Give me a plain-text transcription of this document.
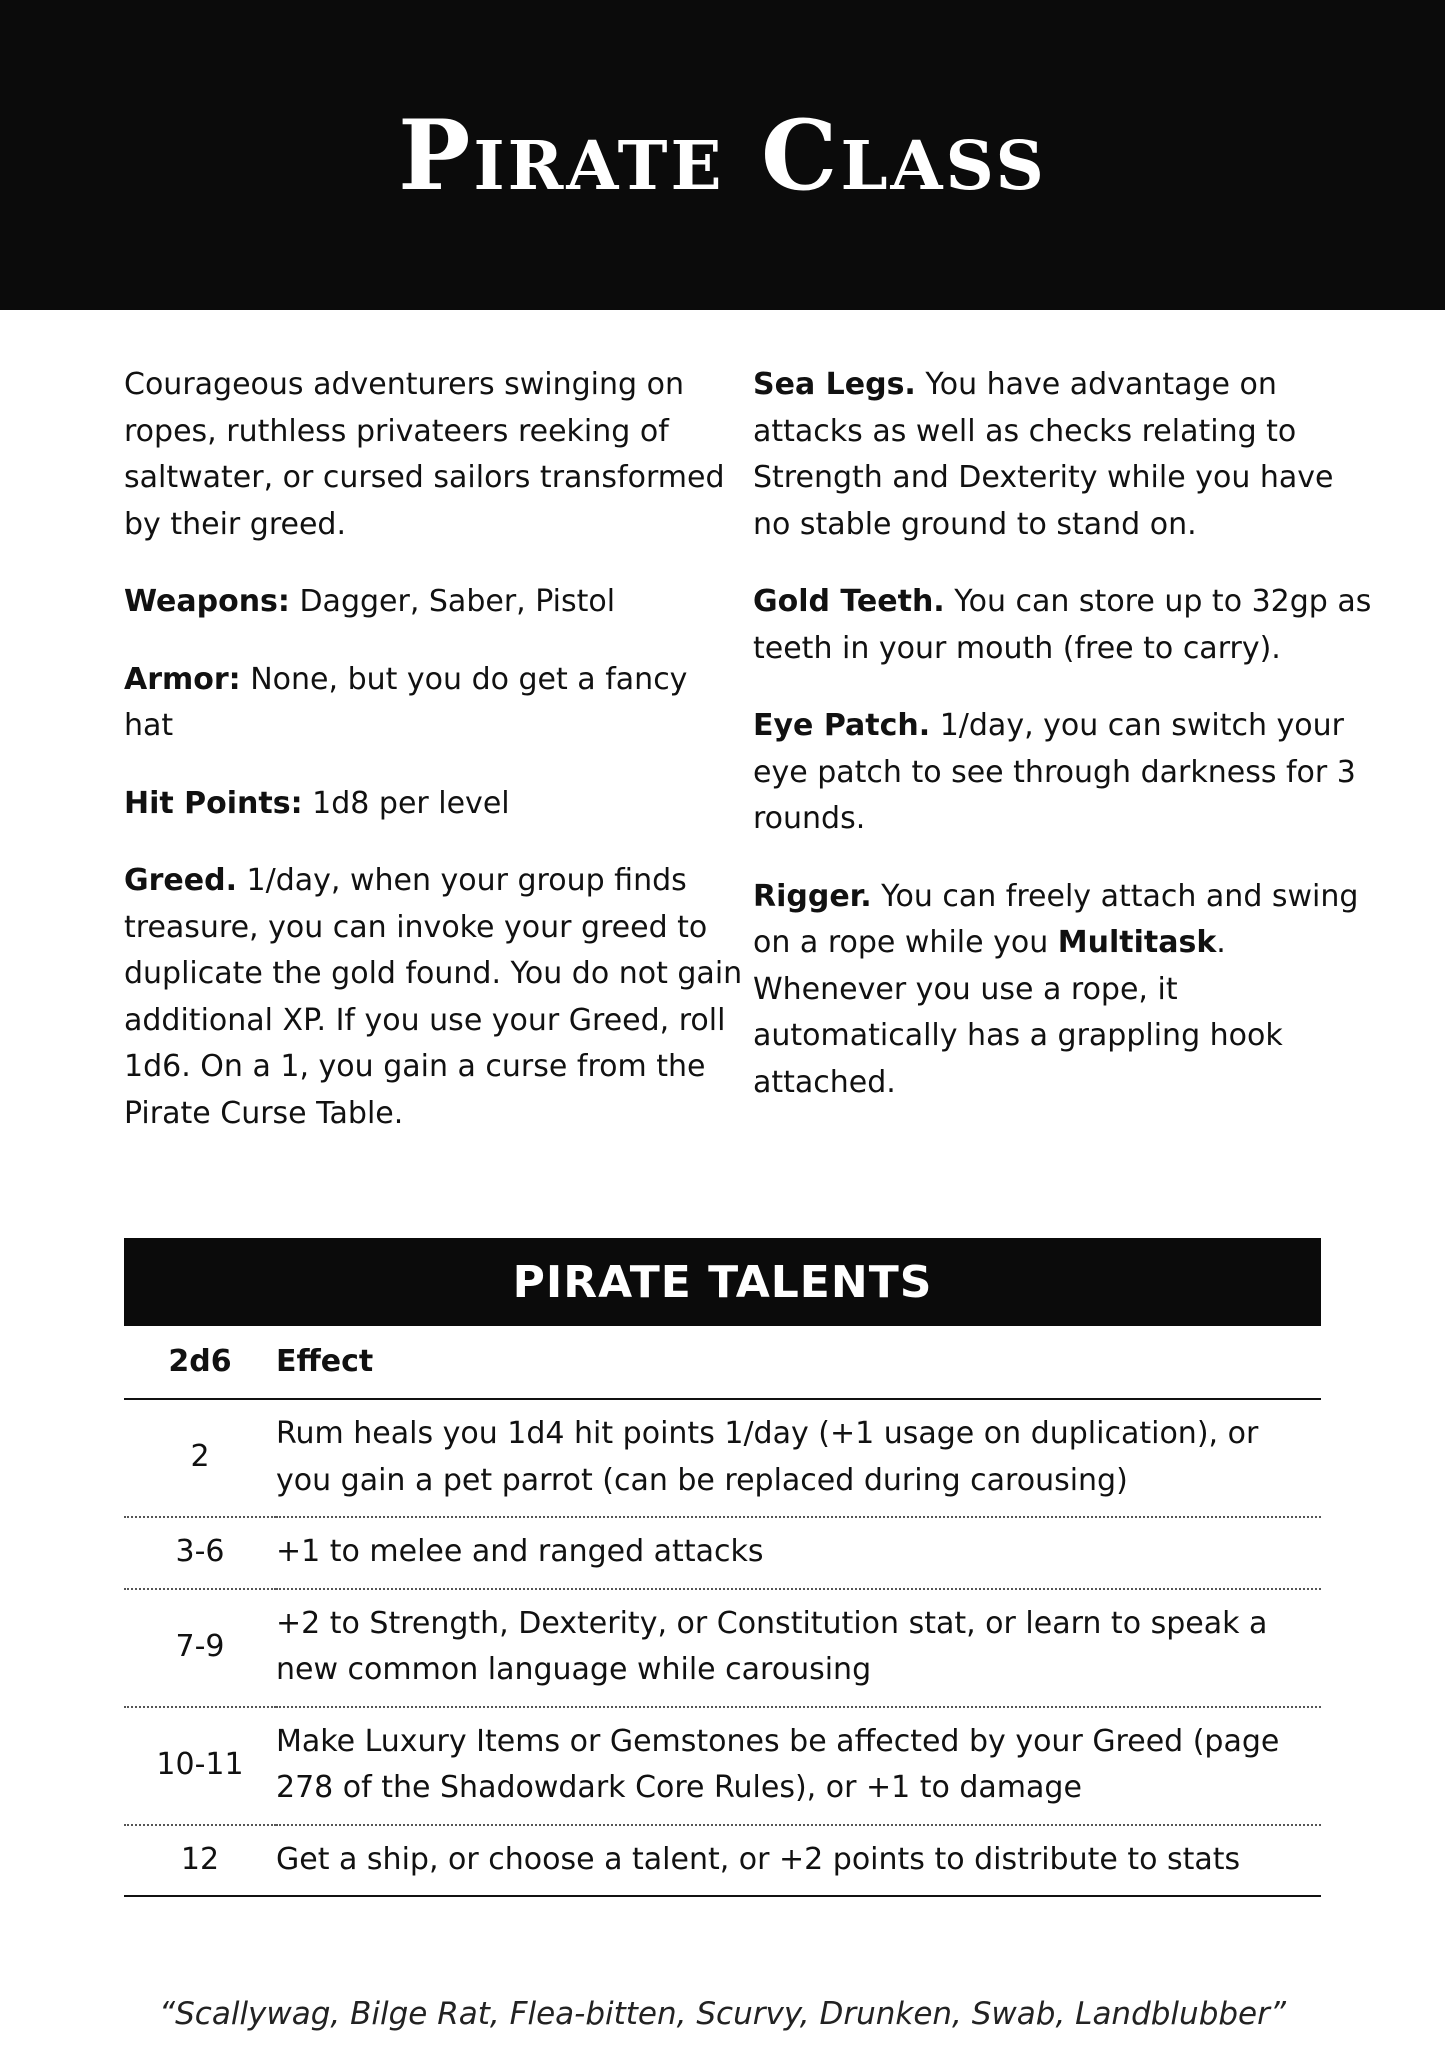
Pirate Class

Courageous adventurers swinging on ropes, ruthless privateers reeking of saltwater, or cursed sailors transformed by their greed.

Weapons: Dagger, Saber, Pistol

Armor: None, but you do get a fancy hat

Hit Points: 1d8 per level

Greed. 1/day, when your group finds treasure, you can invoke your greed to duplicate the gold found. You do not gain additional XP. If you use your Greed, roll 1d6. On a 1, you gain a curse from the Pirate Curse Table.

Sea Legs. You have advantage on attacks as well as checks relating to Strength and Dexterity while you have no stable ground to stand on.

Gold Teeth. You can store up to 32gp as teeth in your mouth (free to carry).

Eye Patch. 1/day, you can switch your eye patch to see through darkness for 3 rounds.

Rigger. You can freely attach and swing on a rope while you Multitask. Whenever you use a rope, it automatically has a grappling hook attached.

PIRATE TALENTS
2d6	Effect
2	Rum heals you 1d4 hit points 1/day (+1 usage on duplication), or you gain a pet parrot (can be replaced during carousing)
3-6	+1 to melee and ranged attacks
7-9	+2 to Strength, Dexterity, or Constitution stat, or learn to speak a new common language while carousing
10-11	Make Luxury Items or Gemstones be affected by your Greed (page 278 of the Shadowdark Core Rules), or +1 to damage
12	Get a ship, or choose a talent, or +2 points to distribute to stats

“Scallywag, Bilge Rat, Flea-bitten, Scurvy, Drunken, Swab, Landblubber”
